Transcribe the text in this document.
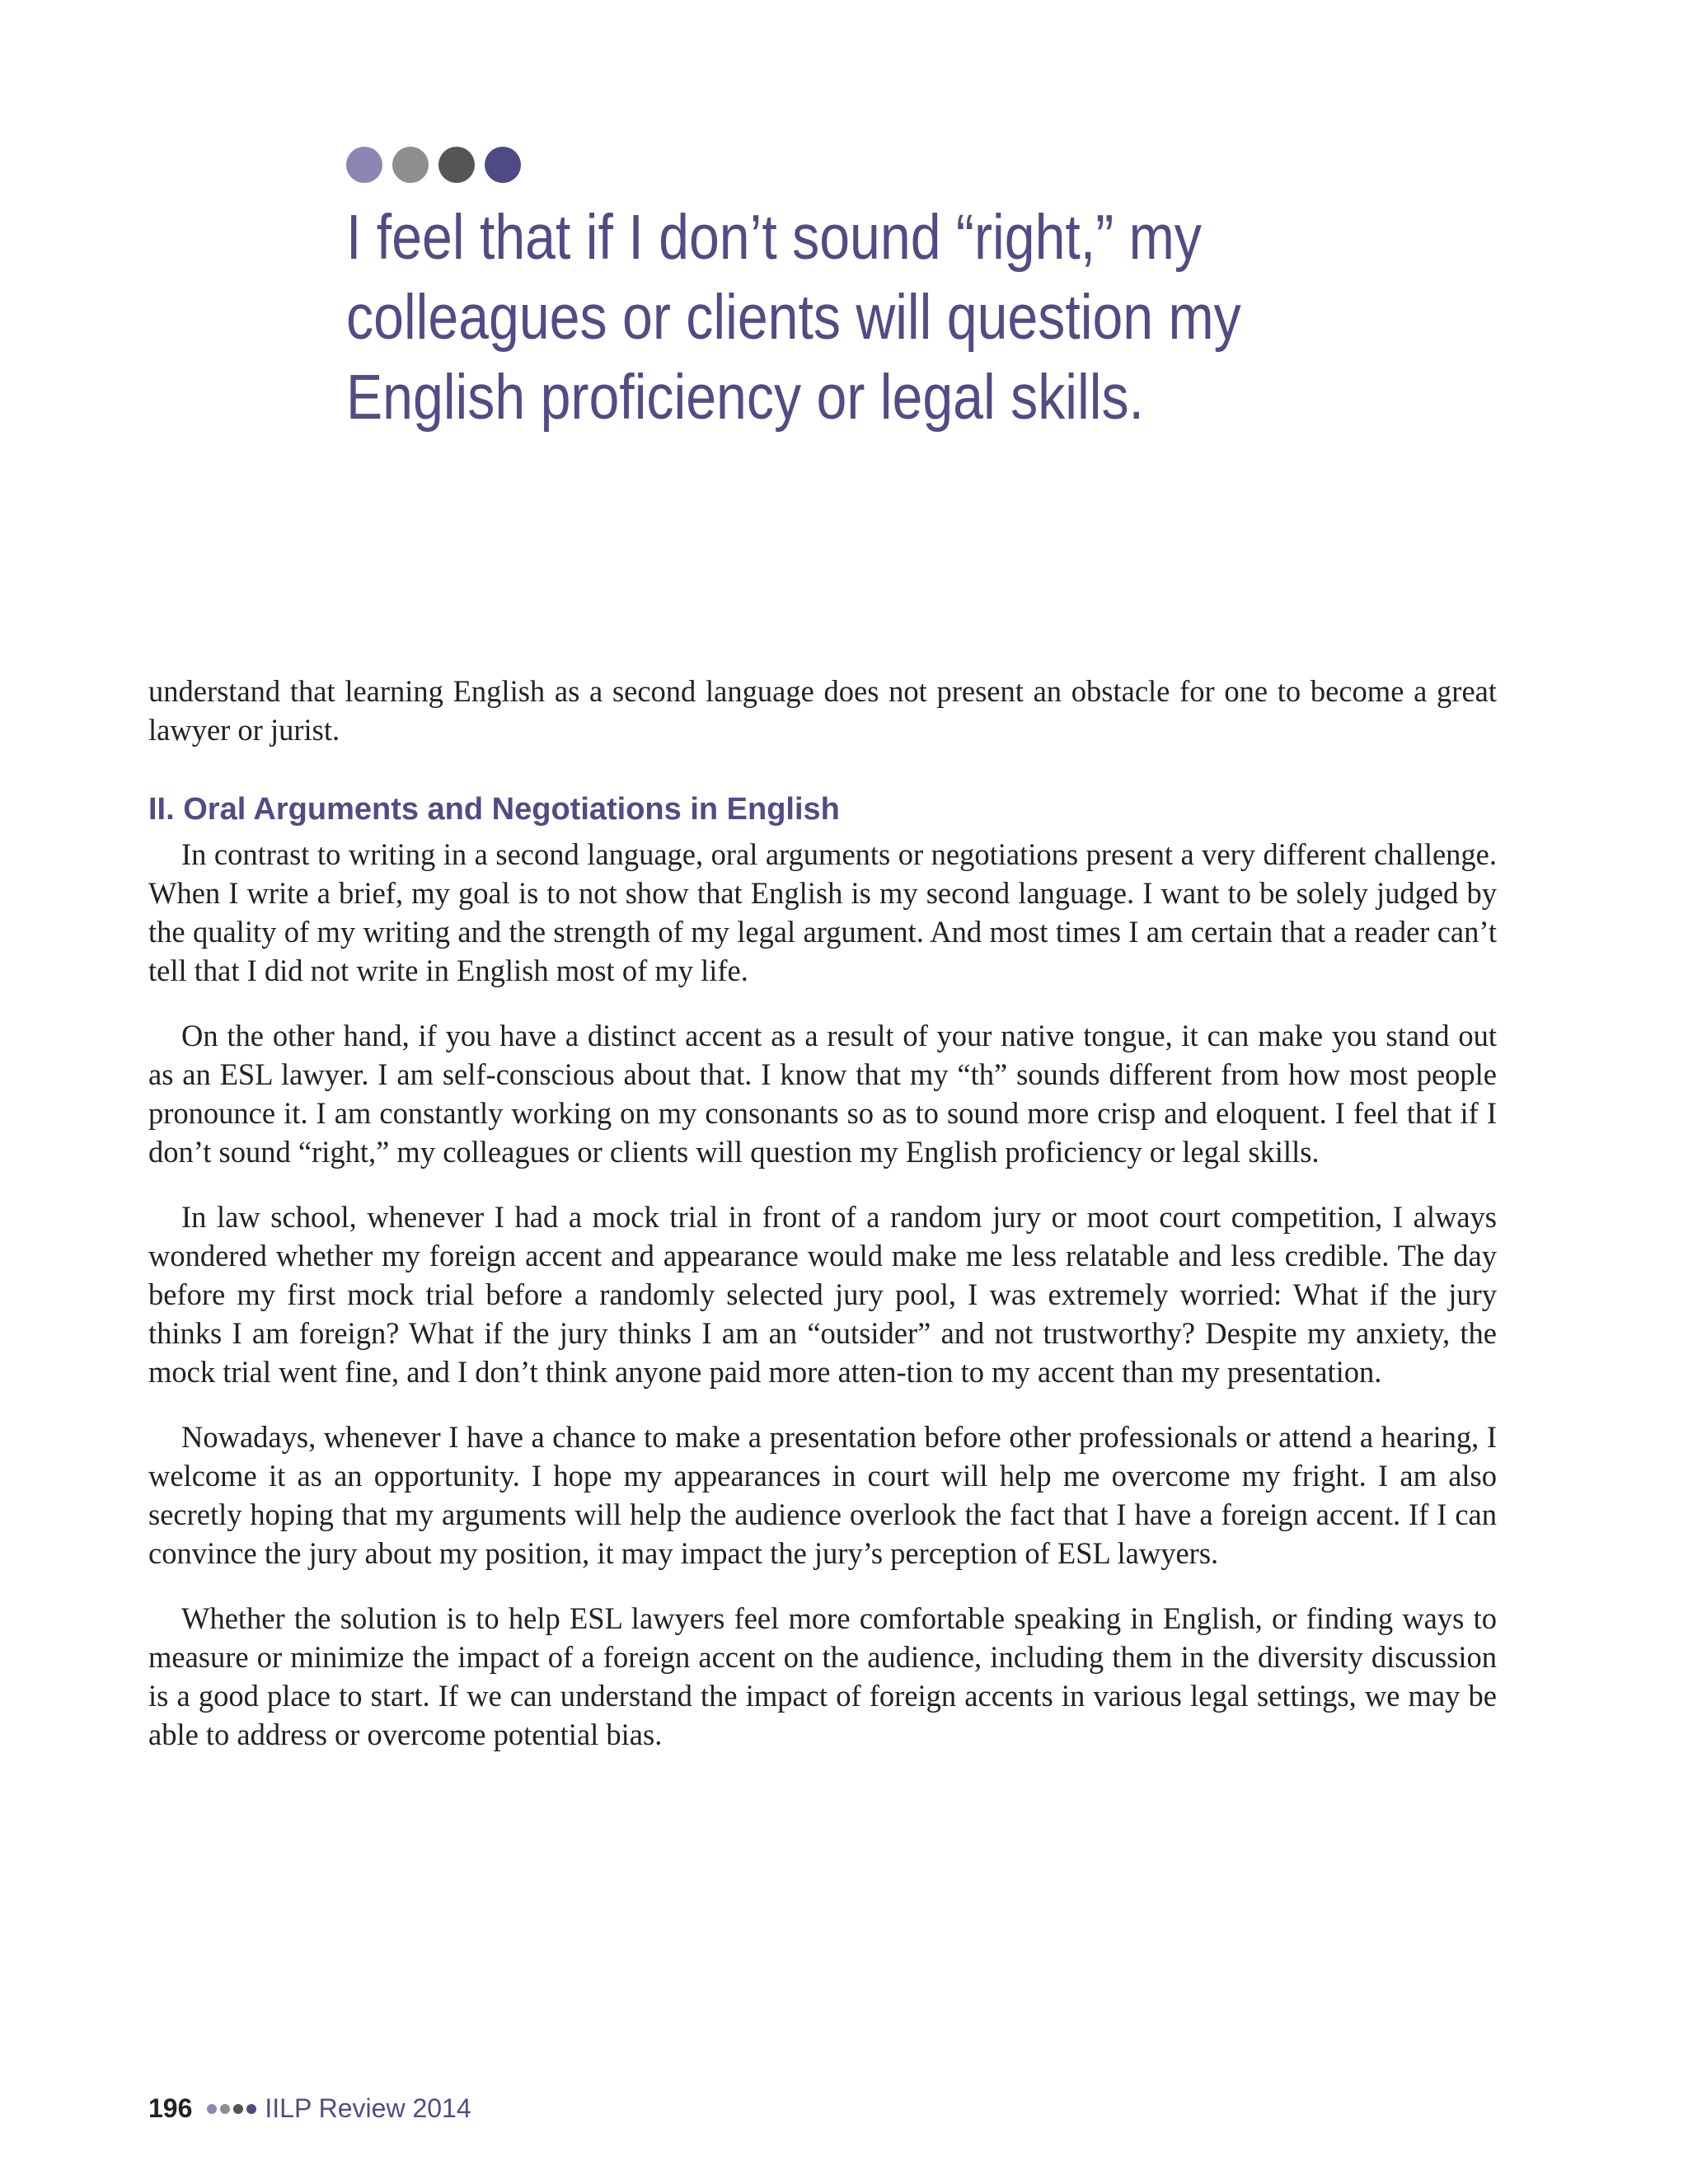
I feel that if I don’t sound “right,” my colleagues or clients will question my English proficiency or legal skills.

understand that learning English as a second language does not present an obstacle for one to become a great lawyer or jurist.

II. Oral Arguments and Negotiations in English

In contrast to writing in a second language, oral arguments or negotiations present a very different challenge. When I write a brief, my goal is to not show that English is my second language. I want to be solely judged by the quality of my writing and the strength of my legal argument. And most times I am certain that a reader can’t tell that I did not write in English most of my life.

On the other hand, if you have a distinct accent as a result of your native tongue, it can make you stand out as an ESL lawyer. I am self-conscious about that. I know that my “th” sounds different from how most people pronounce it. I am constantly working on my consonants so as to sound more crisp and eloquent. I feel that if I don’t sound “right,” my colleagues or clients will question my English proficiency or legal skills.

In law school, whenever I had a mock trial in front of a random jury or moot court competition, I always wondered whether my foreign accent and appearance would make me less relatable and less credible. The day before my first mock trial before a randomly selected jury pool, I was extremely worried: What if the jury thinks I am foreign? What if the jury thinks I am an “outsider” and not trustworthy? Despite my anxiety, the mock trial went fine, and I don’t think anyone paid more atten-tion to my accent than my presentation.

Nowadays, whenever I have a chance to make a presentation before other professionals or attend a hearing, I welcome it as an opportunity. I hope my appearances in court will help me overcome my fright. I am also secretly hoping that my arguments will help the audience overlook the fact that I have a foreign accent. If I can convince the jury about my position, it may impact the jury’s perception of ESL lawyers.

Whether the solution is to help ESL lawyers feel more comfortable speaking in English, or finding ways to measure or minimize the impact of a foreign accent on the audience, including them in the diversity discussion is a good place to start. If we can understand the impact of foreign accents in various legal settings, we may be able to address or overcome potential bias.

196	IILP Review 2014
